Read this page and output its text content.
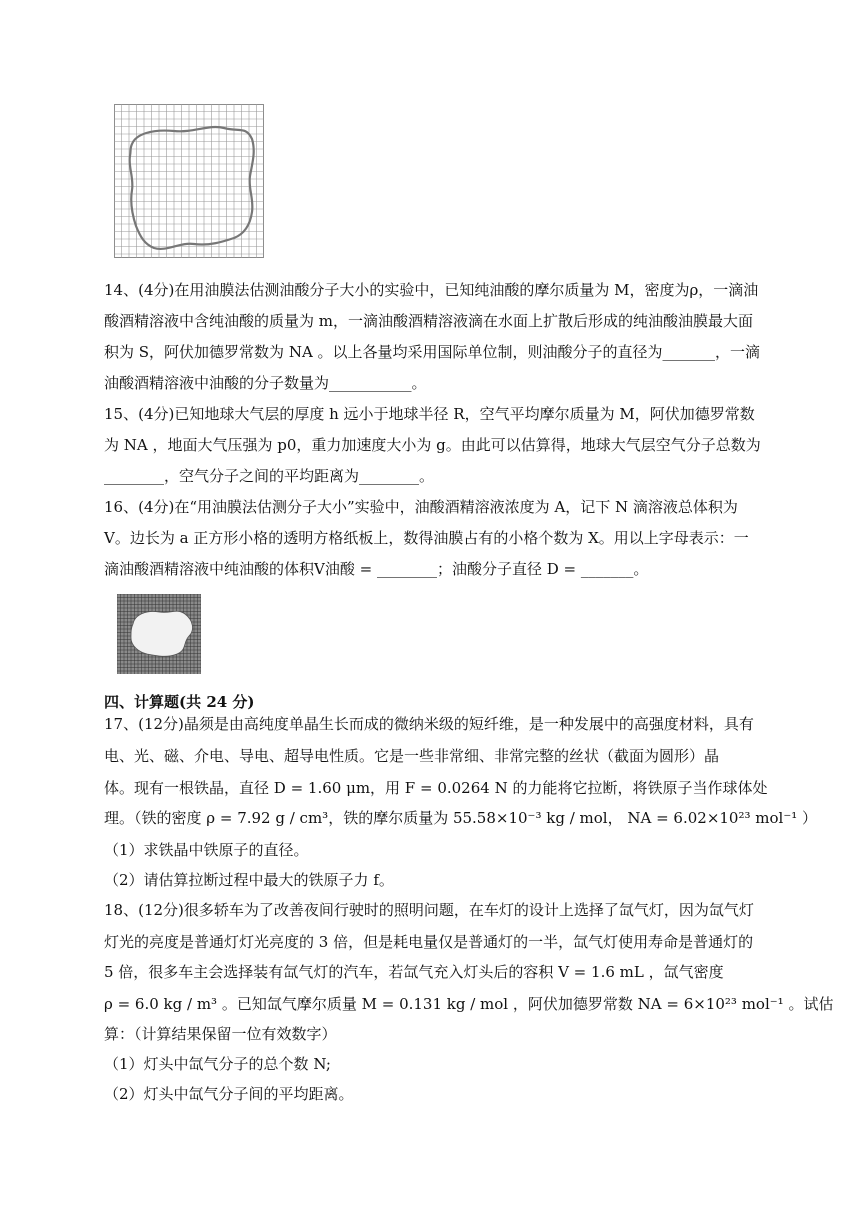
14、(4分)在用油膜法估测油酸分子大小的实验中，已知纯油酸的摩尔质量为 M，密度为ρ，一滴油
酸酒精溶液中含纯油酸的质量为 m，一滴油酸酒精溶液滴在水面上扩散后形成的纯油酸油膜最大面
积为 S，阿伏加德罗常数为 NA 。以上各量均采用国际单位制，则油酸分子的直径为_______，一滴
油酸酒精溶液中油酸的分子数量为___________。
15、(4分)已知地球大气层的厚度 h 远小于地球半径 R，空气平均摩尔质量为 M，阿伏加德罗常数
为 NA ，地面大气压强为 p0，重力加速度大小为 g。由此可以估算得，地球大气层空气分子总数为
________，空气分子之间的平均距离为________。
16、(4分)在“用油膜法估测分子大小”实验中，油酸酒精溶液浓度为 A，记下 N 滴溶液总体积为
V。边长为 a 正方形小格的透明方格纸板上，数得油膜占有的小格个数为 X。用以上字母表示：一
滴油酸酒精溶液中纯油酸的体积V油酸 = ________；油酸分子直径 D = _______。
四、计算题(共 24 分)
17、(12分)晶须是由高纯度单晶生长而成的微纳米级的短纤维，是一种发展中的高强度材料，具有
电、光、磁、介电、导电、超导电性质。它是一些非常细、非常完整的丝状（截面为圆形）晶
体。现有一根铁晶，直径 D = 1.60 μm，用 F = 0.0264 N 的力能将它拉断，将铁原子当作球体处
理。（铁的密度 ρ = 7.92 g / cm³，铁的摩尔质量为 55.58×10⁻³ kg / mol， NA = 6.02×10²³ mol⁻¹ ）
（1）求铁晶中铁原子的直径。
（2）请估算拉断过程中最大的铁原子力 f。
18、(12分)很多轿车为了改善夜间行驶时的照明问题，在车灯的设计上选择了氙气灯，因为氙气灯
灯光的亮度是普通灯灯光亮度的 3 倍，但是耗电量仅是普通灯的一半，氙气灯使用寿命是普通灯的
5 倍，很多车主会选择装有氙气灯的汽车，若氙气充入灯头后的容积 V = 1.6 mL ，氙气密度
ρ = 6.0 kg / m³ 。已知氙气摩尔质量 M = 0.131 kg / mol ，阿伏加德罗常数 NA = 6×10²³ mol⁻¹ 。试估
算：（计算结果保留一位有效数字）
（1）灯头中氙气分子的总个数 N;
（2）灯头中氙气分子间的平均距离。
